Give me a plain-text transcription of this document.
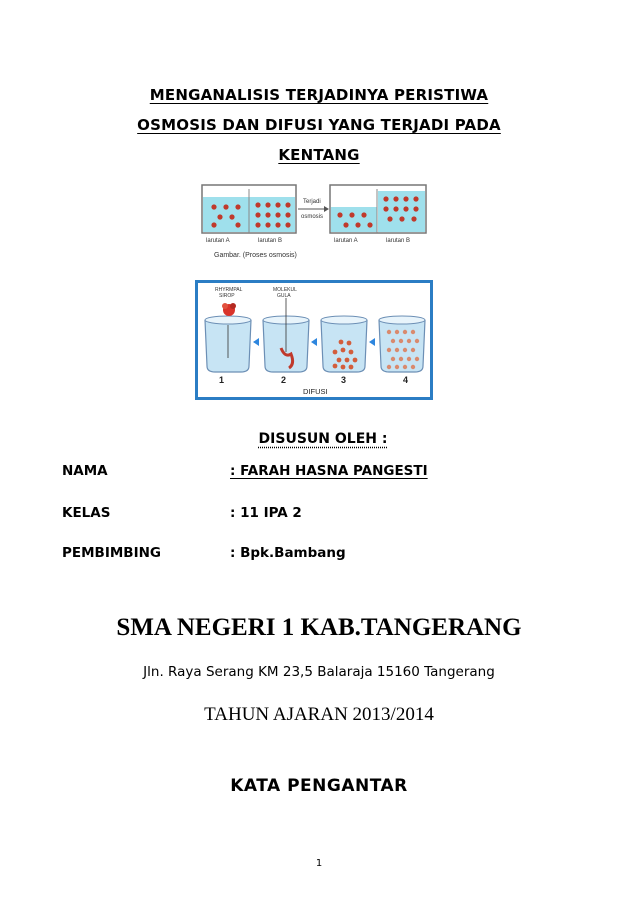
MENGANALISIS TERJADINYA PERISTIWA
OSMOSIS DAN DIFUSI YANG TERJADI PADA
KENTANG
Terjadi
osmosis
larutan A	larutan B	larutan A	larutan B
Gambar. (Proses osmosis)
RHYRMPAL
SIROP
MOLEKUL
GULA
1	2	3	4
DIFUSI
DISUSUN OLEH :
NAMA	: FARAH HASNA PANGESTI
KELAS	: 11 IPA 2
PEMBIMBING	: Bpk.Bambang
SMA NEGERI 1 KAB.TANGERANG
Jln. Raya Serang KM 23,5 Balaraja 15160 Tangerang
TAHUN AJARAN 2013/2014
KATA PENGANTAR
1
